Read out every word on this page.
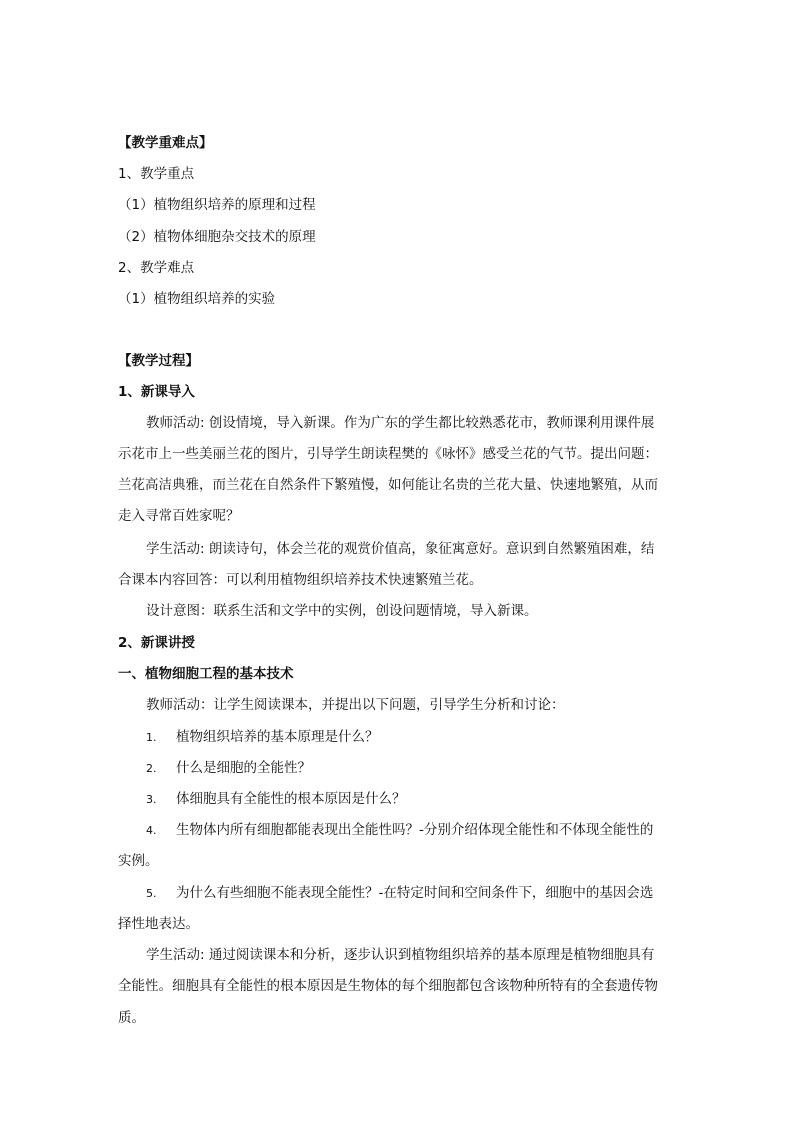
【教学重难点】
1、教学重点
（1）植物组织培养的原理和过程
（2）植物体细胞杂交技术的原理
2、教学难点
（1）植物组织培养的实验
【教学过程】
1、新课导入
教师活动: 创设情境，导入新课。作为广东的学生都比较熟悉花市，教师课利用课件展
示花市上一些美丽兰花的图片，引导学生朗读程樊的《咏怀》感受兰花的气节。提出问题：
兰花高洁典雅，而兰花在自然条件下繁殖慢，如何能让名贵的兰花大量、快速地繁殖，从而
走入寻常百姓家呢？
学生活动: 朗读诗句，体会兰花的观赏价值高，象征寓意好。意识到自然繁殖困难，结
合课本内容回答：可以利用植物组织培养技术快速繁殖兰花。
设计意图：联系生活和文学中的实例，创设问题情境，导入新课。
2、新课讲授
一、植物细胞工程的基本技术
教师活动：让学生阅读课本，并提出以下问题，引导学生分析和讨论：
1. 植物组织培养的基本原理是什么？
2. 什么是细胞的全能性？
3. 体细胞具有全能性的根本原因是什么？
4. 生物体内所有细胞都能表现出全能性吗？-分别介绍体现全能性和不体现全能性的
实例。
5. 为什么有些细胞不能表现全能性？-在特定时间和空间条件下，细胞中的基因会选
择性地表达。
学生活动: 通过阅读课本和分析，逐步认识到植物组织培养的基本原理是植物细胞具有
全能性。细胞具有全能性的根本原因是生物体的每个细胞都包含该物种所特有的全套遗传物
质。
